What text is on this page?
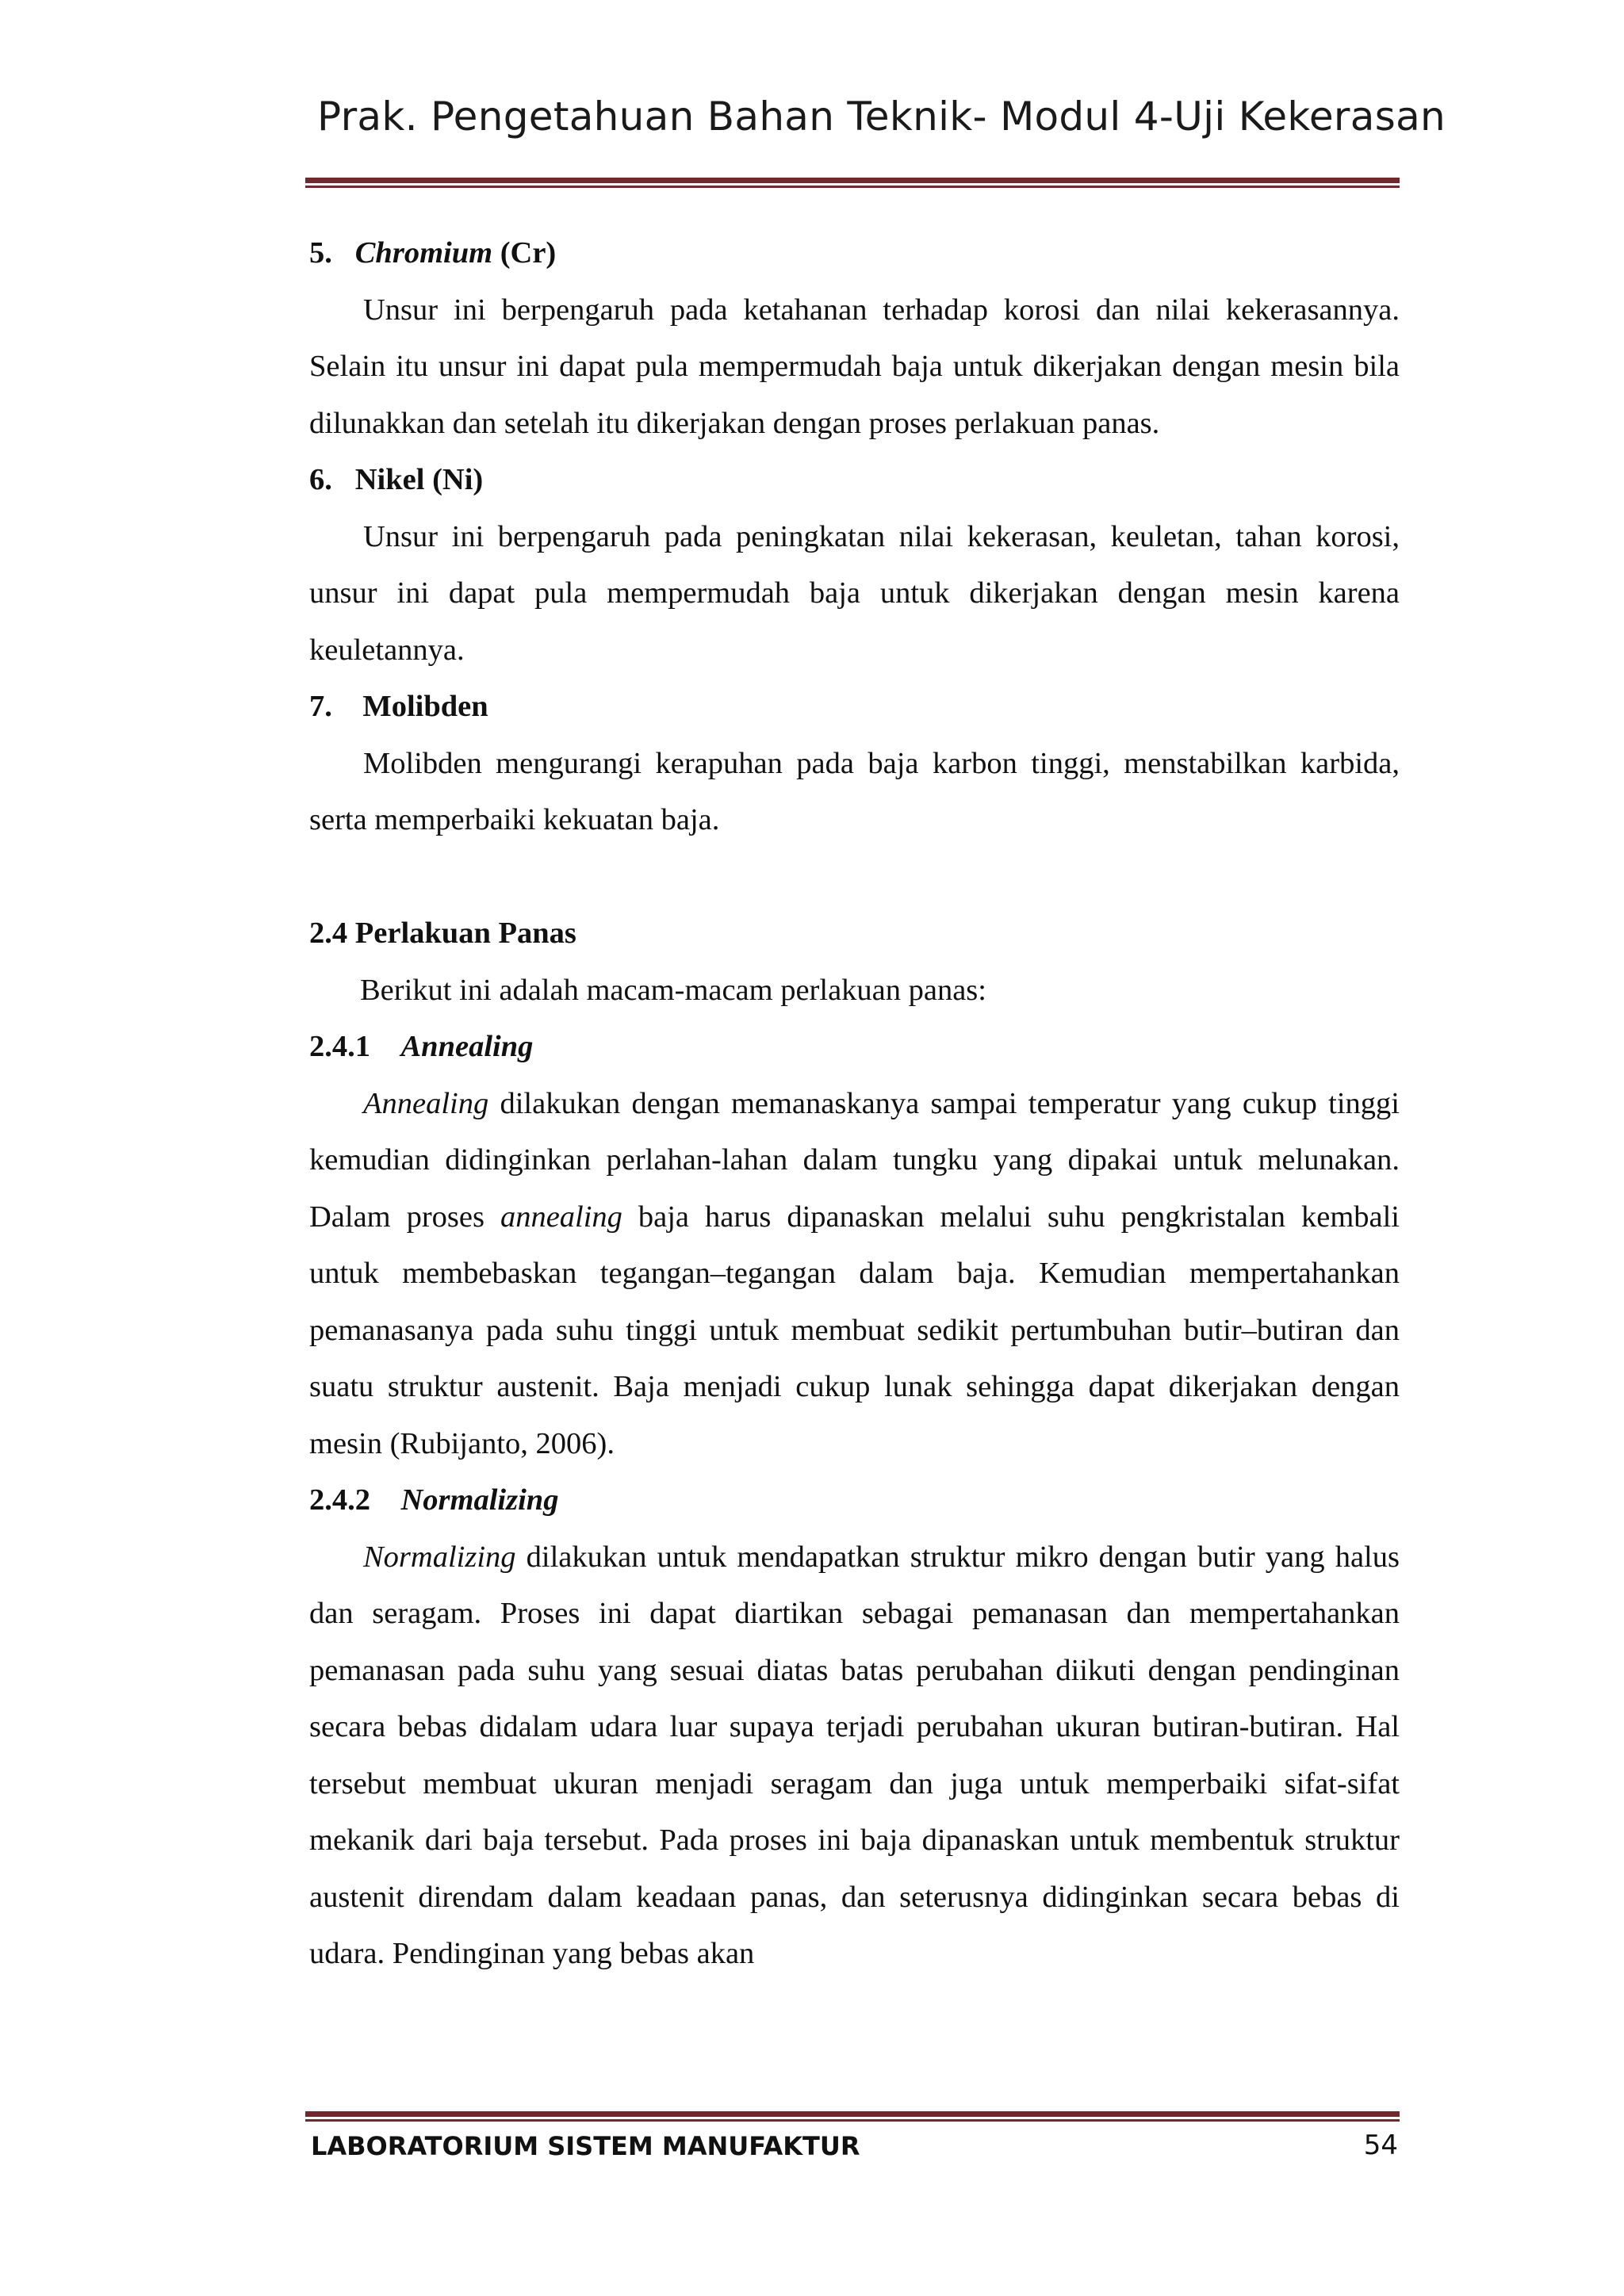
Prak. Pengetahuan Bahan Teknik- Modul 4-Uji Kekerasan
5. Chromium (Cr)

Unsur ini berpengaruh pada ketahanan terhadap korosi dan nilai kekerasannya. Selain itu unsur ini dapat pula mempermudah baja untuk dikerjakan dengan mesin bila dilunakkan dan setelah itu dikerjakan dengan proses perlakuan panas.

6. Nikel (Ni)

Unsur ini berpengaruh pada peningkatan nilai kekerasan, keuletan, tahan korosi, unsur ini dapat pula mempermudah baja untuk dikerjakan dengan mesin karena keuletannya.

7. Molibden

Molibden mengurangi kerapuhan pada baja karbon tinggi, menstabilkan karbida, serta memperbaiki kekuatan baja.

2.4 Perlakuan Panas

Berikut ini adalah macam-macam perlakuan panas:

2.4.1 Annealing

Annealing dilakukan dengan memanaskanya sampai temperatur yang cukup tinggi kemudian didinginkan perlahan-lahan dalam tungku yang dipakai untuk melunakan. Dalam proses annealing baja harus dipanaskan melalui suhu pengkristalan kembali untuk membebaskan tegangan–tegangan dalam baja. Kemudian mempertahankan pemanasanya pada suhu tinggi untuk membuat sedikit pertumbuhan butir–butiran dan suatu struktur austenit. Baja menjadi cukup lunak sehingga dapat dikerjakan dengan mesin (Rubijanto, 2006).

2.4.2 Normalizing

Normalizing dilakukan untuk mendapatkan struktur mikro dengan butir yang halus dan seragam. Proses ini dapat diartikan sebagai pemanasan dan mempertahankan pemanasan pada suhu yang sesuai diatas batas perubahan diikuti dengan pendinginan secara bebas didalam udara luar supaya terjadi perubahan ukuran butiran-butiran. Hal tersebut membuat ukuran menjadi seragam dan juga untuk memperbaiki sifat-sifat mekanik dari baja tersebut. Pada proses ini baja dipanaskan untuk membentuk struktur austenit direndam dalam keadaan panas, dan seterusnya didinginkan secara bebas di udara. Pendinginan yang bebas akan

LABORATORIUM SISTEM MANUFAKTUR	54
